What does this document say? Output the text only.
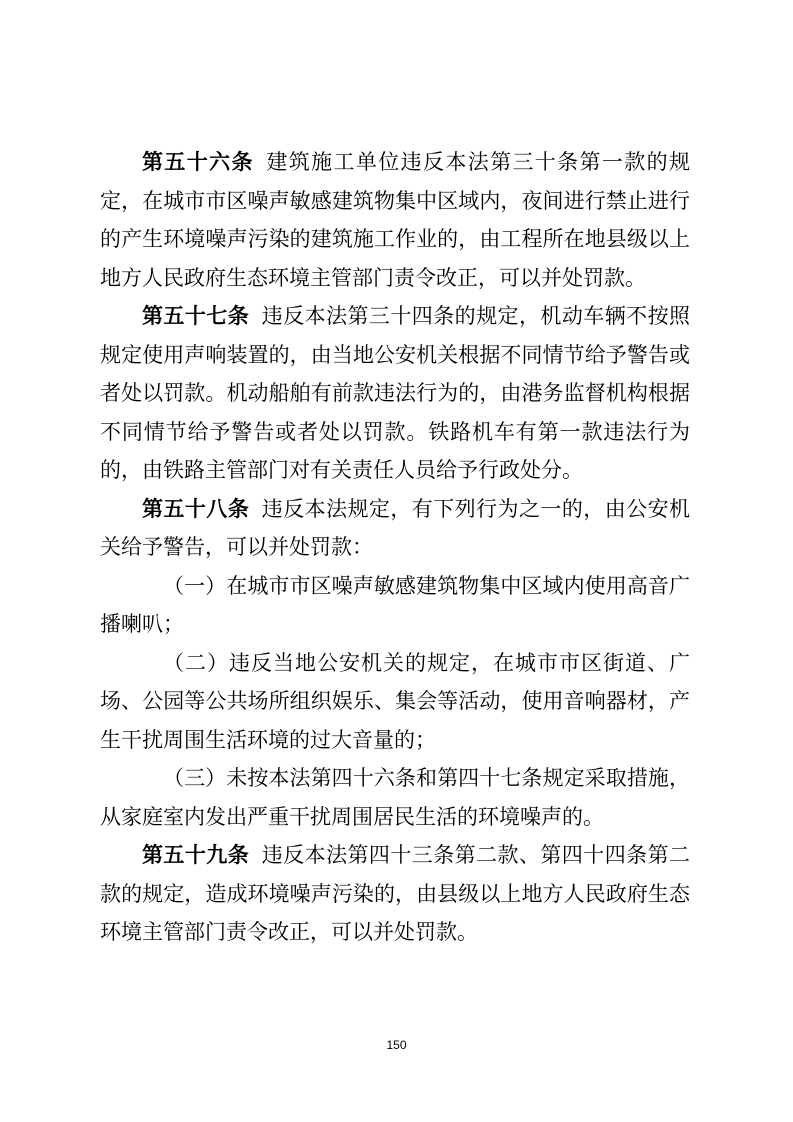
第五十六条 建筑施工单位违反本法第三十条第一款的规定，在城市市区噪声敏感建筑物集中区域内，夜间进行禁止进行的产生环境噪声污染的建筑施工作业的，由工程所在地县级以上地方人民政府生态环境主管部门责令改正，可以并处罚款。

第五十七条 违反本法第三十四条的规定，机动车辆不按照规定使用声响装置的，由当地公安机关根据不同情节给予警告或者处以罚款。机动船舶有前款违法行为的，由港务监督机构根据不同情节给予警告或者处以罚款。铁路机车有第一款违法行为的，由铁路主管部门对有关责任人员给予行政处分。

第五十八条 违反本法规定，有下列行为之一的，由公安机关给予警告，可以并处罚款：

（一）在城市市区噪声敏感建筑物集中区域内使用高音广播喇叭；

（二）违反当地公安机关的规定，在城市市区街道、广场、公园等公共场所组织娱乐、集会等活动，使用音响器材，产生干扰周围生活环境的过大音量的；

（三）未按本法第四十六条和第四十七条规定采取措施，从家庭室内发出严重干扰周围居民生活的环境噪声的。

第五十九条 违反本法第四十三条第二款、第四十四条第二款的规定，造成环境噪声污染的，由县级以上地方人民政府生态环境主管部门责令改正，可以并处罚款。

150
